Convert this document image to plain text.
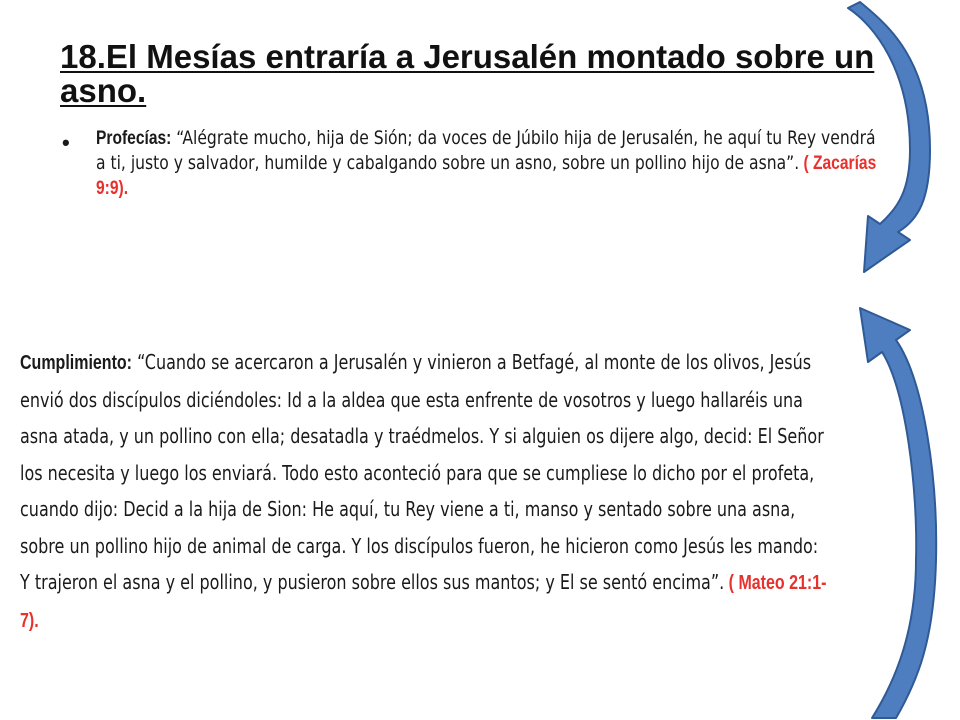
18.El Mesías entraría a Jerusalén montado sobre un asno.
• Profecías: “Alégrate mucho, hija de Sión; da voces de Júbilo hija de Jerusalén, he aquí tu Rey vendrá a ti, justo y salvador, humilde y cabalgando sobre un asno, sobre un pollino hijo de asna”. ( Zacarías 9:9).
Cumplimiento: “Cuando se acercaron a Jerusalén y vinieron a Betfagé, al monte de los olivos, Jesús envió dos discípulos diciéndoles: Id a la aldea que esta enfrente de vosotros y luego hallaréis una asna atada, y un pollino con ella; desatadla y traédmelos. Y si alguien os dijere algo, decid: El Señor los necesita y luego los enviará. Todo esto aconteció para que se cumpliese lo dicho por el profeta, cuando dijo: Decid a la hija de Sion: He aquí, tu Rey viene a ti, manso y sentado sobre una asna, sobre un pollino hijo de animal de carga. Y los discípulos fueron, he hicieron como Jesús les mando: Y trajeron el asna y el pollino, y pusieron sobre ellos sus mantos; y El se sentó encima”. ( Mateo 21:1-7).
